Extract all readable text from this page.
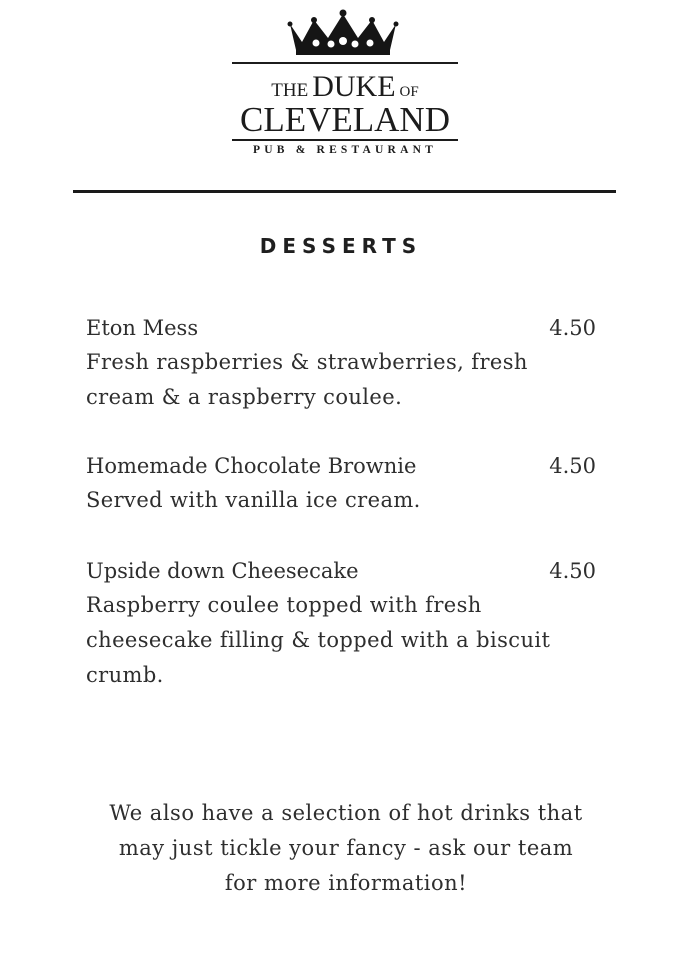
THE DUKE OF
CLEVELAND
PUB & RESTAURANT
DESSERTS
Eton Mess	4.50

Fresh raspberries & strawberries, fresh
cream & a raspberry coulee.

Homemade Chocolate Brownie	4.50

Served with vanilla ice cream.

Upside down Cheesecake	4.50

Raspberry coulee topped with fresh
cheesecake filling & topped with a biscuit
crumb.

We also have a selection of hot drinks that
may just tickle your fancy - ask our team
for more information!
